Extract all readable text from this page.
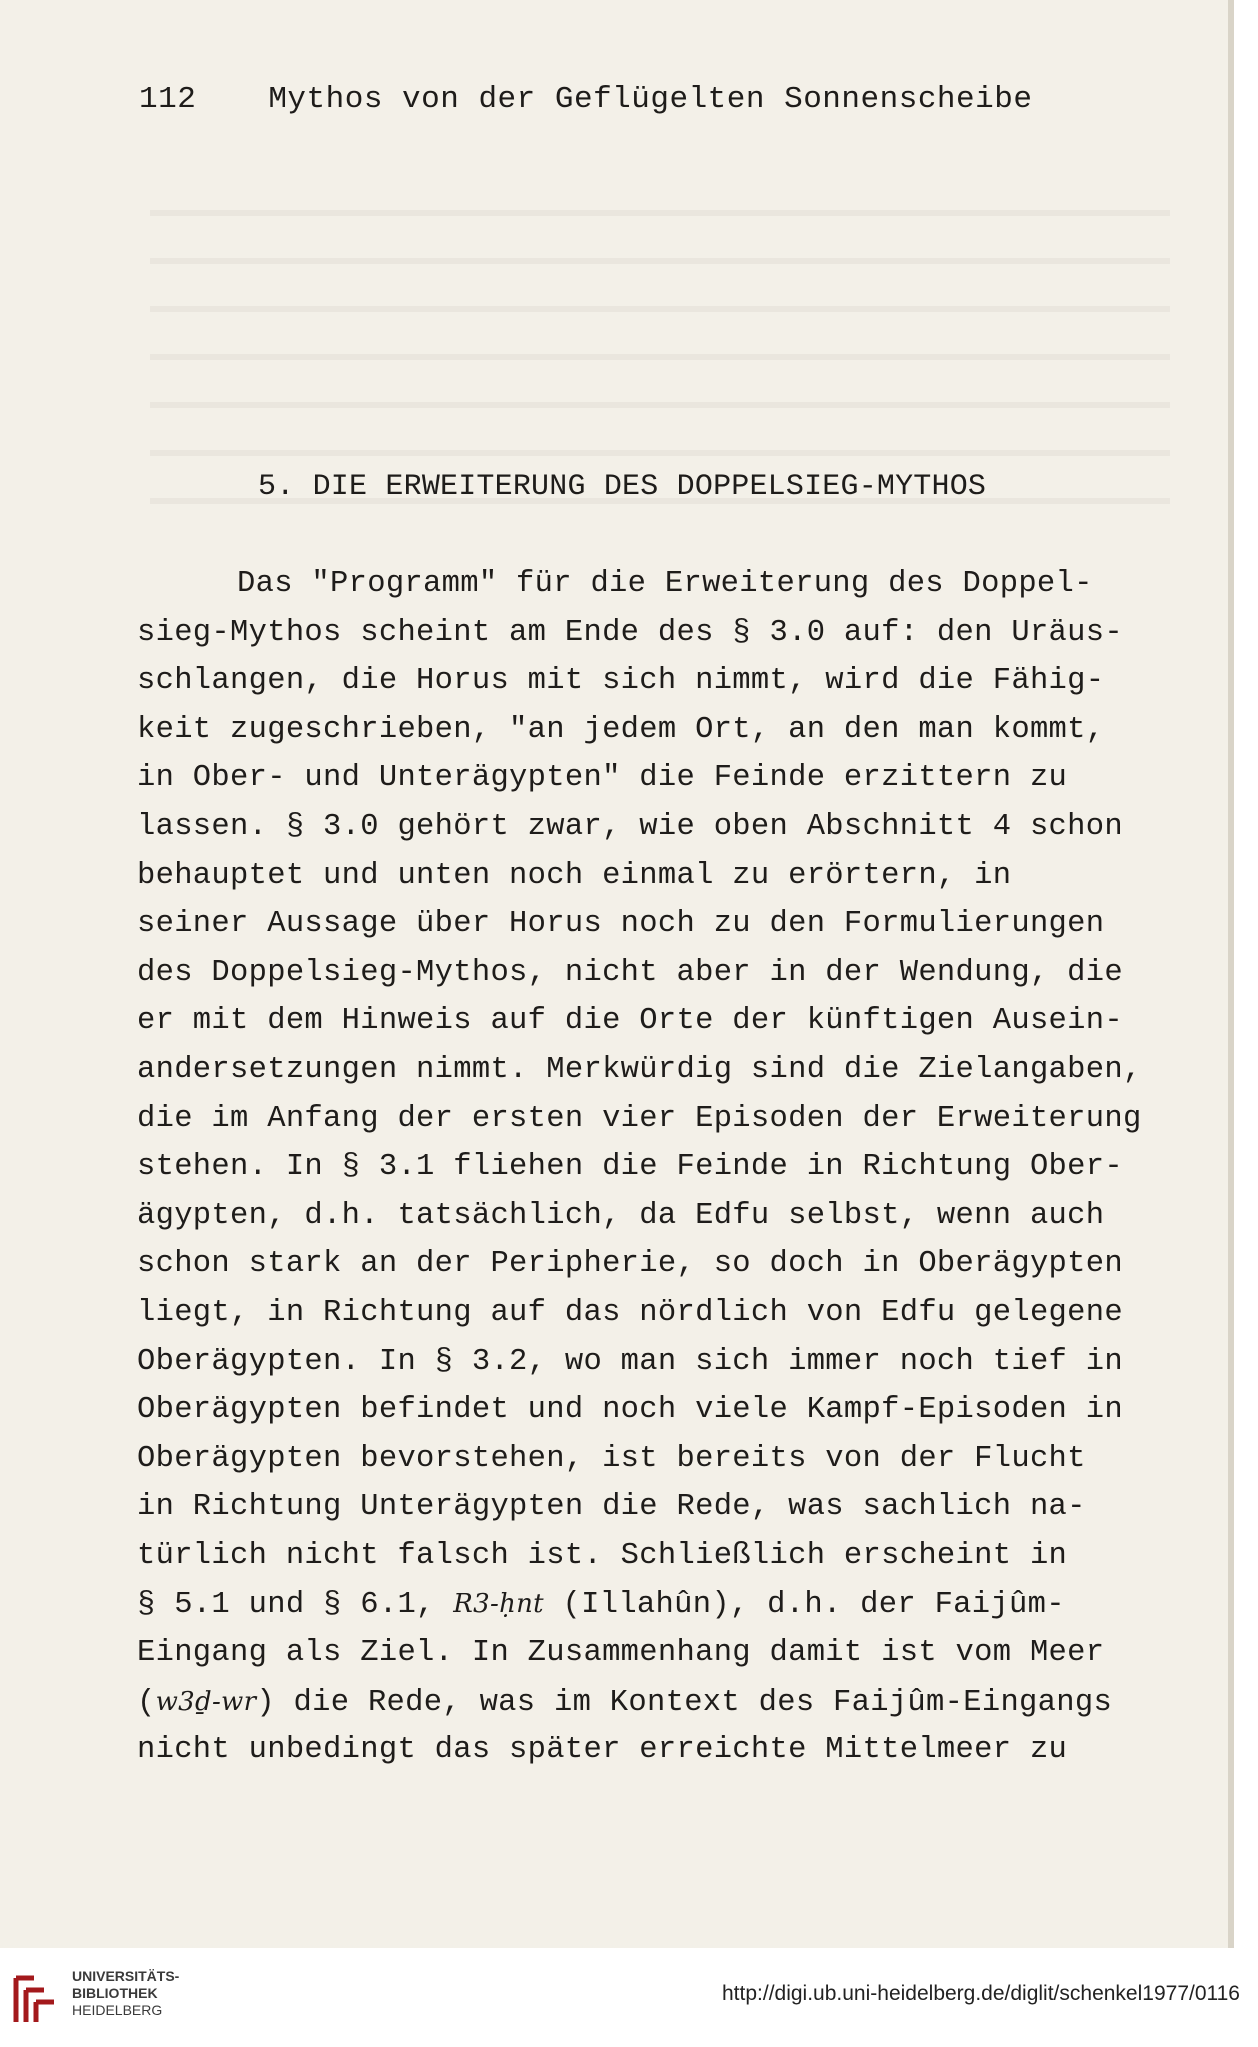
112 Mythos von der Geflügelten Sonnenscheibe
5. DIE ERWEITERUNG DES DOPPELSIEG-MYTHOS
Das "Programm" für die Erweiterung des Doppel-
sieg-Mythos scheint am Ende des § 3.0 auf: den Uräus-
schlangen, die Horus mit sich nimmt, wird die Fähig-
keit zugeschrieben, "an jedem Ort, an den man kommt,
in Ober- und Unterägypten" die Feinde erzittern zu
lassen. § 3.0 gehört zwar, wie oben Abschnitt 4 schon
behauptet und unten noch einmal zu erörtern, in
seiner Aussage über Horus noch zu den Formulierungen
des Doppelsieg-Mythos, nicht aber in der Wendung, die
er mit dem Hinweis auf die Orte der künftigen Ausein-
andersetzungen nimmt. Merkwürdig sind die Zielangaben,
die im Anfang der ersten vier Episoden der Erweiterung
stehen. In § 3.1 fliehen die Feinde in Richtung Ober-
ägypten, d.h. tatsächlich, da Edfu selbst, wenn auch
schon stark an der Peripherie, so doch in Oberägypten
liegt, in Richtung auf das nördlich von Edfu gelegene
Oberägypten. In § 3.2, wo man sich immer noch tief in
Oberägypten befindet und noch viele Kampf-Episoden in
Oberägypten bevorstehen, ist bereits von der Flucht
in Richtung Unterägypten die Rede, was sachlich na-
türlich nicht falsch ist. Schließlich erscheint in
§ 5.1 und § 6.1, R3-ḥnt (Illahûn), d.h. der Faijûm-
Eingang als Ziel. In Zusammenhang damit ist vom Meer
(w3ḏ-wr) die Rede, was im Kontext des Faijûm-Eingangs
nicht unbedingt das später erreichte Mittelmeer zu
UNIVERSITÄTS-
BIBLIOTHEK
HEIDELBERG
http://digi.ub.uni-heidelberg.de/diglit/schenkel1977/0116
